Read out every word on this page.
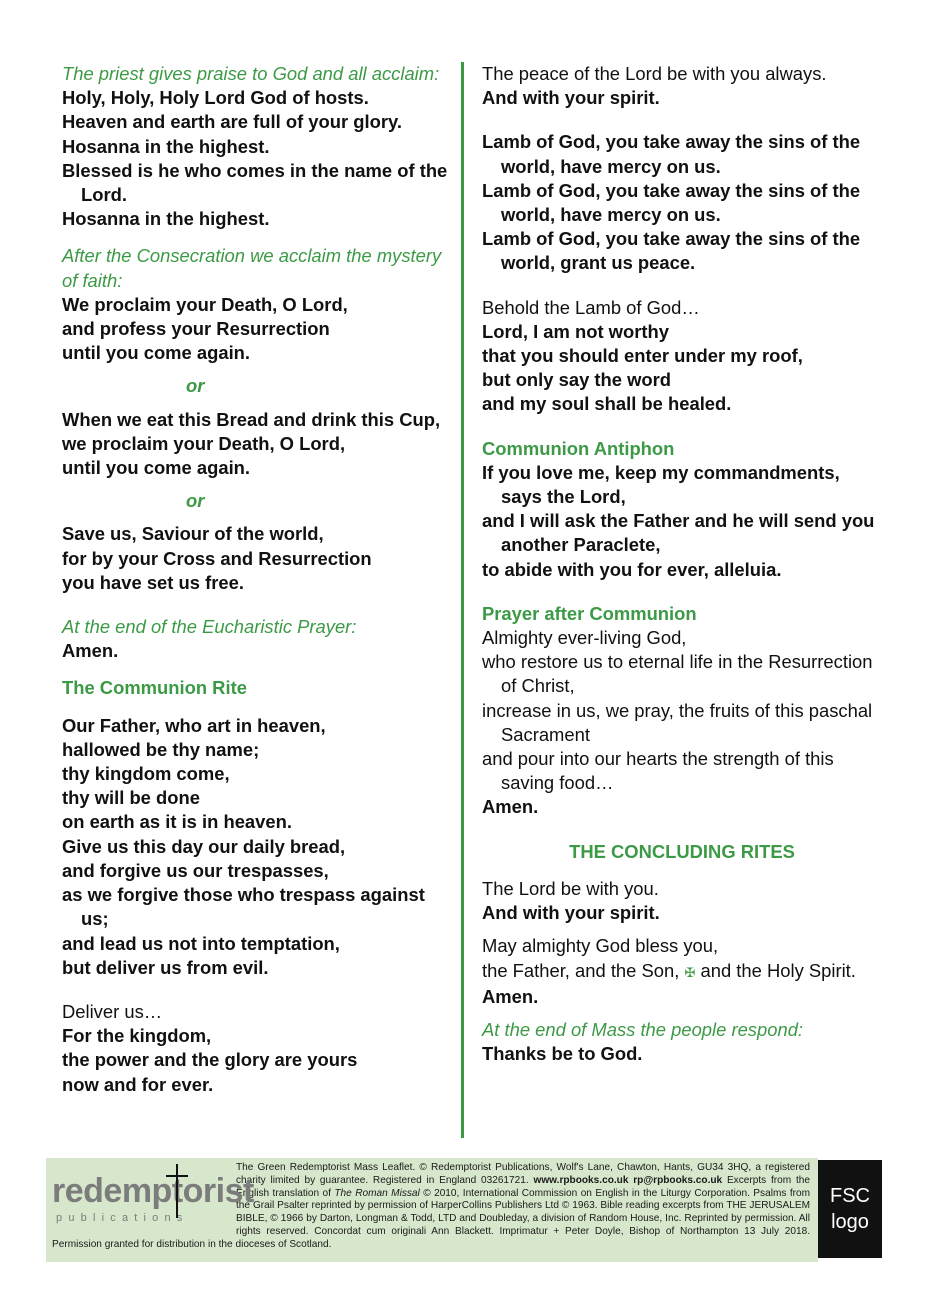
The priest gives praise to God and all acclaim:
Holy, Holy, Holy Lord God of hosts.
Heaven and earth are full of your glory.
Hosanna in the highest.
Blessed is he who comes in the name of the Lord.
Hosanna in the highest.
After the Consecration we acclaim the mystery of faith:
We proclaim your Death, O Lord,
and profess your Resurrection
until you come again.
or
When we eat this Bread and drink this Cup,
we proclaim your Death, O Lord,
until you come again.
or
Save us, Saviour of the world,
for by your Cross and Resurrection
you have set us free.
At the end of the Eucharistic Prayer:
Amen.
The Communion Rite
Our Father, who art in heaven,
hallowed be thy name;
thy kingdom come,
thy will be done
on earth as it is in heaven.
Give us this day our daily bread,
and forgive us our trespasses,
as we forgive those who trespass against us;
and lead us not into temptation,
but deliver us from evil.
Deliver us…
For the kingdom,
the power and the glory are yours
now and for ever.
The peace of the Lord be with you always.
And with your spirit.
Lamb of God, you take away the sins of the world, have mercy on us.
Lamb of God, you take away the sins of the world, have mercy on us.
Lamb of God, you take away the sins of the world, grant us peace.
Behold the Lamb of God…
Lord, I am not worthy
that you should enter under my roof,
but only say the word
and my soul shall be healed.
Communion Antiphon
If you love me, keep my commandments, says the Lord,
and I will ask the Father and he will send you another Paraclete,
to abide with you for ever, alleluia.
Prayer after Communion
Almighty ever-living God,
who restore us to eternal life in the Resurrection of Christ,
increase in us, we pray, the fruits of this paschal Sacrament
and pour into our hearts the strength of this saving food…
Amen.
THE CONCLUDING RITES
The Lord be with you.
And with your spirit.
May almighty God bless you,
the Father, and the Son, ✠ and the Holy Spirit.
Amen.
At the end of Mass the people respond:
Thanks be to God.
The Green Redemptorist Mass Leaflet. © Redemptorist Publications, Wolf's Lane, Chawton, Hants, GU34 3HQ, a registered charity limited by guarantee. Registered in England 03261721. www.rpbooks.co.uk rp@rpbooks.co.uk Excerpts from the English translation of The Roman Missal © 2010, International Commission on English in the Liturgy Corporation. Psalms from the Grail Psalter reprinted by permission of HarperCollins Publishers Ltd © 1963. Bible reading excerpts from THE JERUSALEM BIBLE, © 1966 by Darton, Longman & Todd, LTD and Doubleday, a division of Random House, Inc. Reprinted by permission. All rights reserved. Concordat cum originali Ann Blackett. Imprimatur + Peter Doyle, Bishop of Northampton 13 July 2018. Permission granted for distribution in the dioceses of Scotland.
redemptorist
publications
FSC logo
